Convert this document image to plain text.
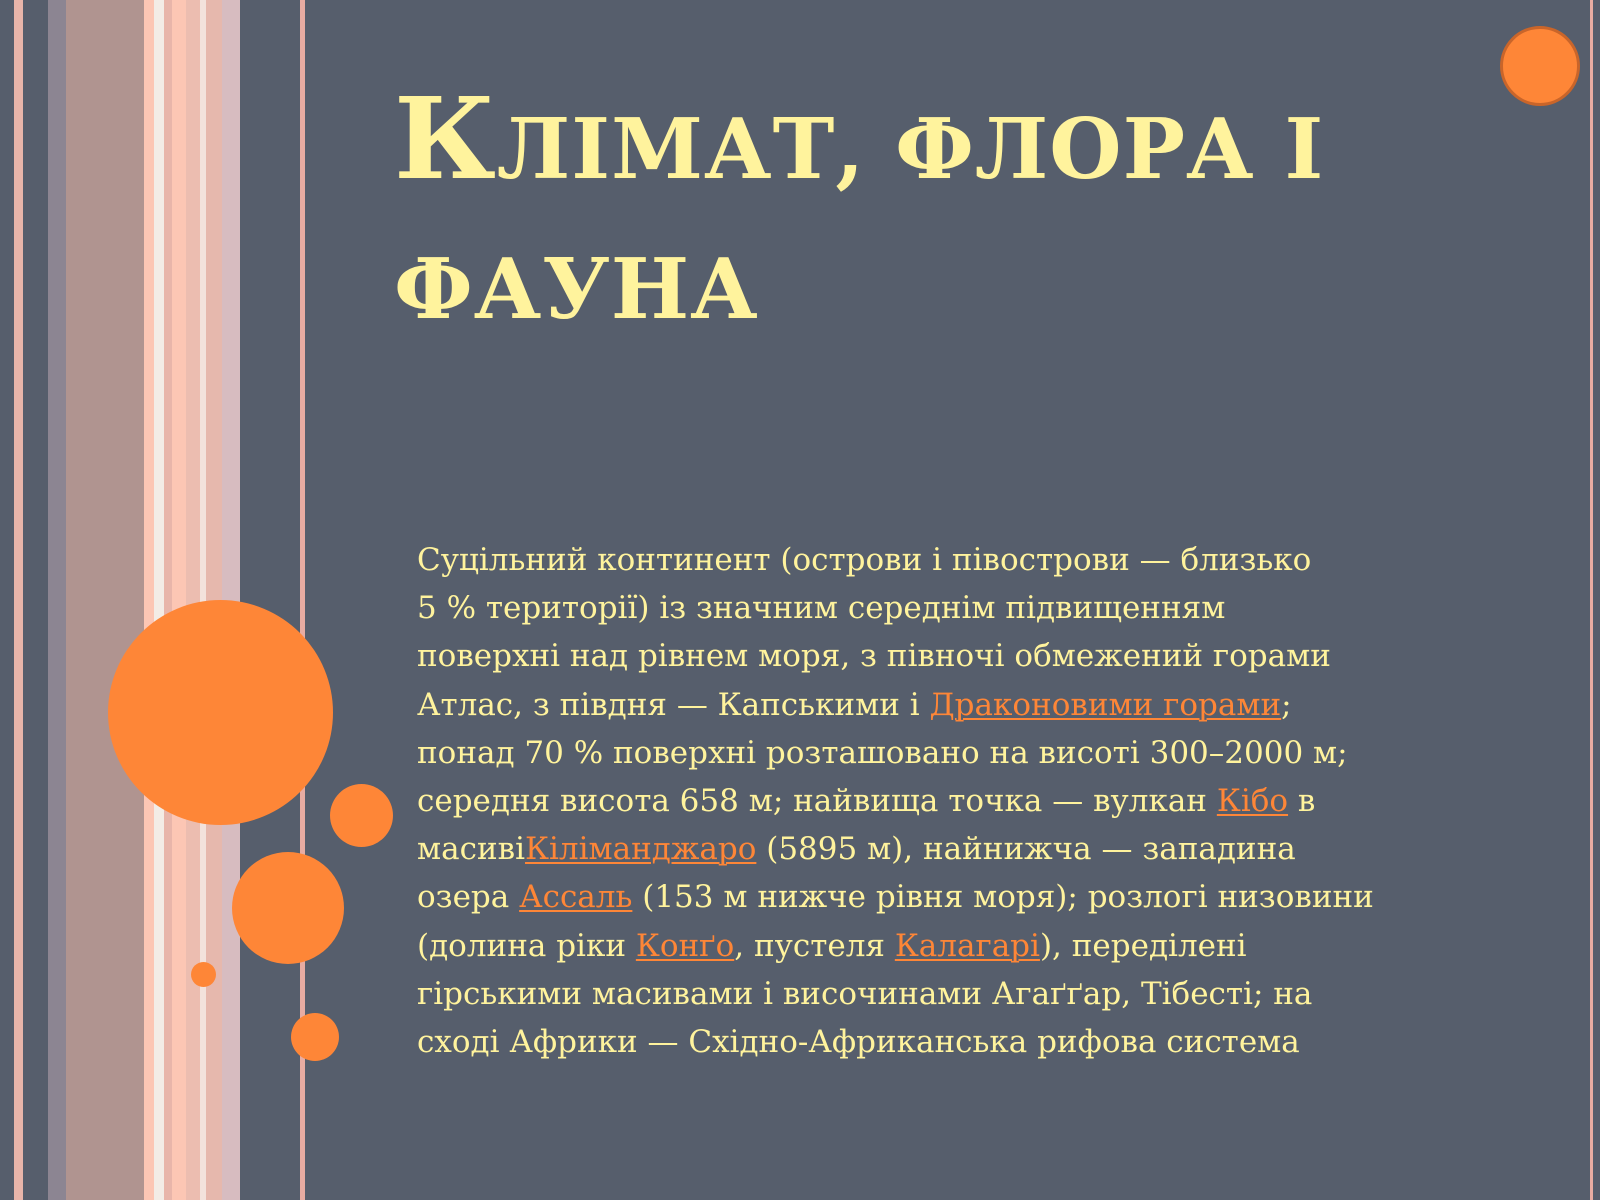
КЛІМАТ, ФЛОРА І
ФАУНА
Суцільний континент (острови і півострови — близько
5 % території) із значним середнім підвищенням
поверхні над рівнем моря, з півночі обмежений горами
Атлас, з півдня — Капськими і Драконовими горами;
понад 70 % поверхні розташовано на висоті 300–2000 м;
середня висота 658 м; найвища точка — вулкан Кібо в
масивіКіліманджаро (5895 м), найнижча — западина
озера Ассаль (153 м нижче рівня моря); розлогі низовини
(долина ріки Конґо, пустеля Калагарі), переділені
гірськими масивами і височинами Агаґґар, Тібесті; на
сході Африки — Східно-Африканська рифова система
